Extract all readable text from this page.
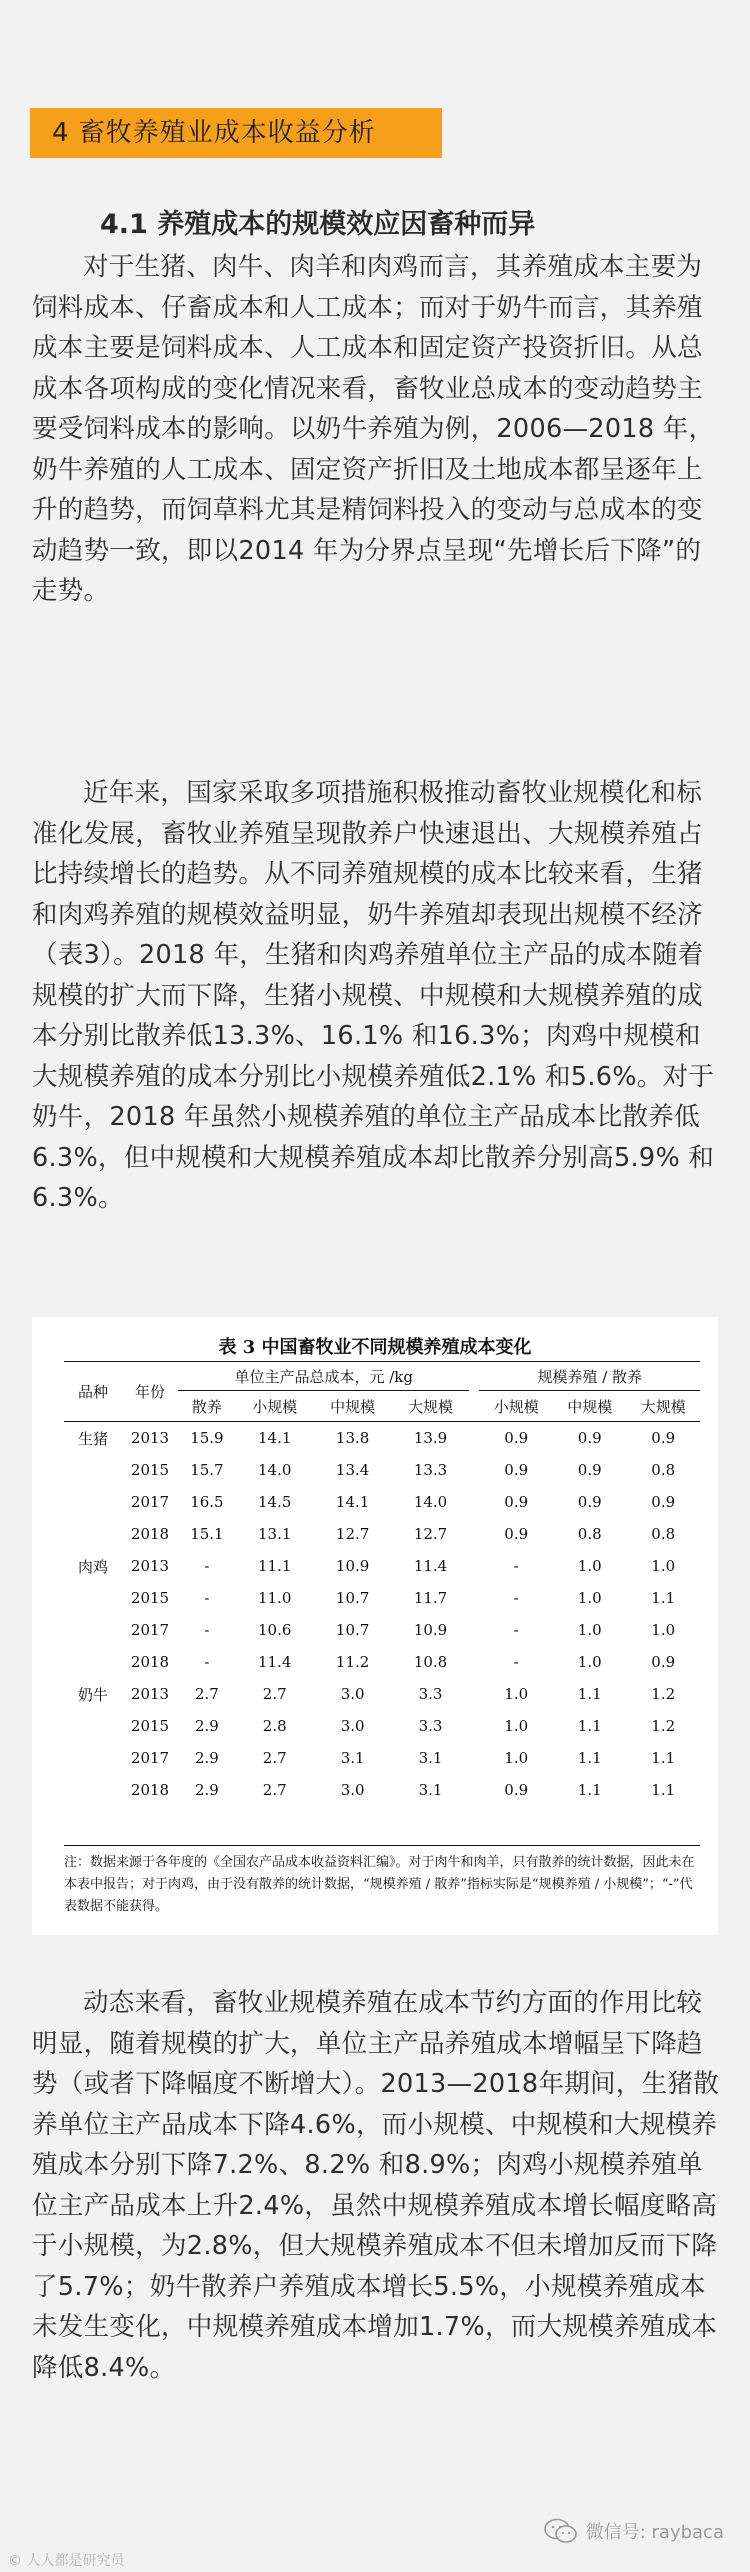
4 畜牧养殖业成本收益分析
4.1 养殖成本的规模效应因畜种而异

对于生猪、肉牛、肉羊和肉鸡而言，其养殖成本主要为饲料成本、仔畜成本和人工成本；而对于奶牛而言，其养殖成本主要是饲料成本、人工成本和固定资产投资折旧。从总成本各项构成的变化情况来看，畜牧业总成本的变动趋势主要受饲料成本的影响。以奶牛养殖为例，2006—2018 年，奶牛养殖的人工成本、固定资产折旧及土地成本都呈逐年上升的趋势，而饲草料尤其是精饲料投入的变动与总成本的变动趋势一致，即以2014 年为分界点呈现“先增长后下降”的走势。

近年来，国家采取多项措施积极推动畜牧业规模化和标准化发展，畜牧业养殖呈现散养户快速退出、大规模养殖占比持续增长的趋势。从不同养殖规模的成本比较来看，生猪和肉鸡养殖的规模效益明显，奶牛养殖却表现出规模不经济（表3）。2018 年，生猪和肉鸡养殖单位主产品的成本随着规模的扩大而下降，生猪小规模、中规模和大规模养殖的成本分别比散养低13.3%、16.1% 和16.3%；肉鸡中规模和大规模养殖的成本分别比小规模养殖低2.1% 和5.6%。对于奶牛，2018 年虽然小规模养殖的单位主产品成本比散养低6.3%，但中规模和大规模养殖成本却比散养分别高5.9% 和6.3%。

表 3 中国畜牧业不同规模养殖成本变化
品种	年份	单位主产品总成本，元 /kg					规模养殖 / 散养		
		散养	小规模	中规模	大规模		小规模	中规模	大规模
生猪	2013	15.9	14.1	13.8	13.9		0.9	0.9	0.9
	2015	15.7	14.0	13.4	13.3		0.9	0.9	0.8
	2017	16.5	14.5	14.1	14.0		0.9	0.9	0.9
	2018	15.1	13.1	12.7	12.7		0.9	0.8	0.8
肉鸡	2013	-	11.1	10.9	11.4		-	1.0	1.0
	2015	-	11.0	10.7	11.7		-	1.0	1.1
	2017	-	10.6	10.7	10.9		-	1.0	1.0
	2018	-	11.4	11.2	10.8		-	1.0	0.9
奶牛	2013	2.7	2.7	3.0	3.3		1.0	1.1	1.2
	2015	2.9	2.8	3.0	3.3		1.0	1.1	1.2
	2017	2.9	2.7	3.1	3.1		1.0	1.1	1.1
	2018	2.9	2.7	3.0	3.1		0.9	1.1	1.1
注：数据来源于各年度的《全国农产品成本收益资料汇编》。对于肉牛和肉羊，只有散养的统计数据，因此未在本表中报告；对于肉鸡，由于没有散养的统计数据，“规模养殖 / 散养”指标实际是“规模养殖 / 小规模”；“-”代表数据不能获得。

动态来看，畜牧业规模养殖在成本节约方面的作用比较明显，随着规模的扩大，单位主产品养殖成本增幅呈下降趋势（或者下降幅度不断增大）。2013—2018年期间，生猪散养单位主产品成本下降4.6%，而小规模、中规模和大规模养殖成本分别下降7.2%、8.2% 和8.9%；肉鸡小规模养殖单位主产品成本上升2.4%，虽然中规模养殖成本增长幅度略高于小规模，为2.8%，但大规模养殖成本不但未增加反而下降了5.7%；奶牛散养户养殖成本增长5.5%，小规模养殖成本未发生变化，中规模养殖成本增加1.7%，而大规模养殖成本降低8.4%。

微信号: raybaca
© 人人都是研究员
